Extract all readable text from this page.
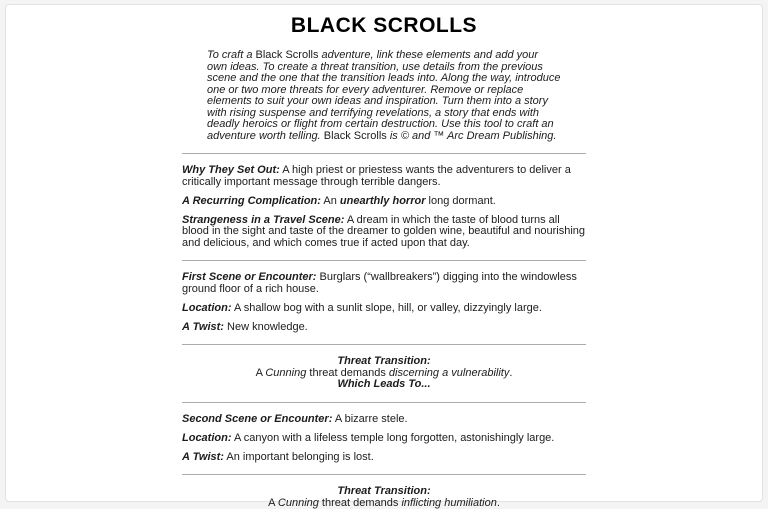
BLACK SCROLLS

To craft a Black Scrolls adventure, link these elements and add your own ideas. To create a threat transition, use details from the previous scene and the one that the transition leads into. Along the way, introduce one or two more threats for every adventurer. Remove or replace elements to suit your own ideas and inspiration. Turn them into a story with rising suspense and terrifying revelations, a story that ends with deadly heroics or flight from certain destruction. Use this tool to craft an adventure worth telling. Black Scrolls is © and ™ Arc Dream Publishing.

Why They Set Out: A high priest or priestess wants the adventurers to deliver a critically important message through terrible dangers.

A Recurring Complication: An unearthly horror long dormant.

Strangeness in a Travel Scene: A dream in which the taste of blood turns all blood in the sight and taste of the dreamer to golden wine, beautiful and nourishing and delicious, and which comes true if acted upon that day.

First Scene or Encounter: Burglars (“wallbreakers”) digging into the windowless ground floor of a rich house.

Location: A shallow bog with a sunlit slope, hill, or valley, dizzyingly large.

A Twist: New knowledge.

Threat Transition:
A Cunning threat demands discerning a vulnerability.
Which Leads To...

Second Scene or Encounter: A bizarre stele.

Location: A canyon with a lifeless temple long forgotten, astonishingly large.

A Twist: An important belonging is lost.

Threat Transition:
A Cunning threat demands inflicting humiliation.
